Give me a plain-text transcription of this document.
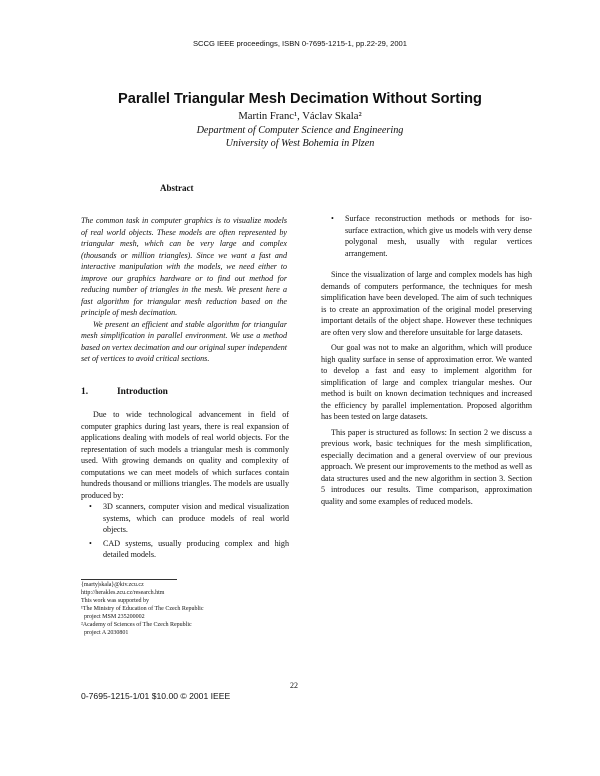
SCCG IEEE proceedings, ISBN 0-7695-1215-1, pp.22-29, 2001
Parallel Triangular Mesh Decimation Without Sorting
Martin Franc¹, Václav Skala²
Department of Computer Science and Engineering
University of West Bohemia in Plzen
Abstract

The common task in computer graphics is to visualize models of real world objects. These models are often represented by triangular mesh, which can be very large and complex (thousands or million triangles). Since we want a fast and interactive manipulation with the models, we need either to improve our graphics hardware or to find out method for reducing number of triangles in the mesh. We present here a fast algorithm for triangular mesh reduction based on the principle of mesh decimation.

We present an efficient and stable algorithm for triangular mesh simplification in parallel environment. We use a method based on vertex decimation and our original super independent set of vertices to avoid critical sections.

1.	Introduction

Due to wide technological advancement in field of computer graphics during last years, there is real expansion of applications dealing with models of real world objects. For the representation of such models a triangular mesh is commonly used. With growing demands on quality and complexity of computations we can meet models of which surfaces contain hundreds thousand or millions triangles. The models are usually produced by:

• 3D scanners, computer vision and medical visualization systems, which can produce models of real world objects.
• CAD systems, usually producing complex and high detailed models.
• Surface reconstruction methods or methods for iso-surface extraction, which give us models with very dense polygonal mesh, usually with regular vertices arrangement.

Since the visualization of large and complex models has high demands of computers performance, the techniques for mesh simplification have been developed. The aim of such techniques is to create an approximation of the original model preserving important details of the object shape. However these techniques are often very slow and therefore unsuitable for large datasets.

Our goal was not to make an algorithm, which will produce high quality surface in sense of approximation error. We wanted to develop a fast and easy to implement algorithm for simplification of large and complex triangular meshes. Our method is built on known decimation techniques and increased the efficiency by parallel implementation. Proposed algorithm has been tested on large datasets.

This paper is structured as follows: In section 2 we discuss a previous work, basic techniques for the mesh simplification, especially decimation and a general overview of our previous approach. We present our improvements to the method as well as data structures used and the new algorithm in section 3. Section 5 introduces our results. Time comparison, approximation quality and some examples of reduced models.

{marty|skala}@kiv.zcu.cz
http://herakles.zcu.cz/research.htm
This work was supported by
¹The Ministry of Education of The Czech Republic
project MSM 235200002
²Academy of Sciences of The Czech Republic
project A 2030801
22
0-7695-1215-1/01 $10.00 © 2001 IEEE
